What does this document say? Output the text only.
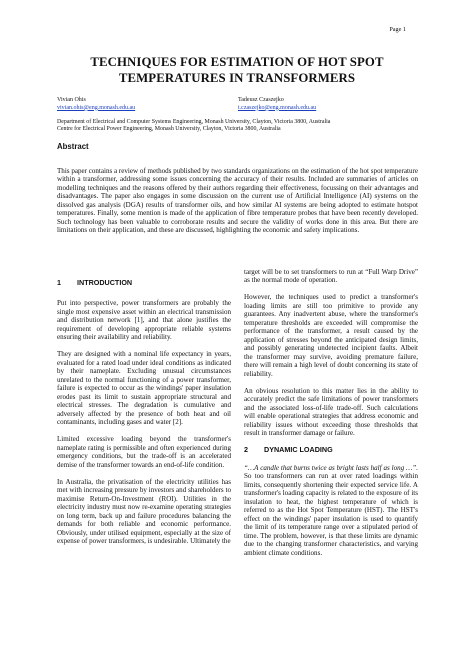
Page 1
TECHNIQUES FOR ESTIMATION OF HOT SPOT
TEMPERATURES IN TRANSFORMERS
Vivian Ohis
vivian.ohis@eng.monash.edu.au
Tadeusz Czaszejko
t.czaszejko@eng.monash.edu.au
Department of Electrical and Computer Systems Engineering, Monash University, Clayton, Victoria 3800, Australia
Centre for Electrical Power Engineering, Monash University, Clayton, Victoria 3800, Australia
Abstract
This paper contains a review of methods published by two standards organizations on the estimation of the hot spot temperature within a transformer, addressing some issues concerning the accuracy of their results. Included are summaries of articles on modelling techniques and the reasons offered by their authors regarding their effectiveness, focussing on their advantages and disadvantages. The paper also engages in some discussion on the current use of Artificial Intelligence (AI) systems on the dissolved gas analysis (DGA) results of transformer oils, and how similar AI systems are being adopted to estimate hotspot temperatures. Finally, some mention is made of the application of fibre temperature probes that have been recently developed. Such technology has been valuable to corroborate results and secure the validity of works done in this area. But there are limitations on their application, and these are discussed, highlighting the economic and safety implications.
1 INTRODUCTION

Put into perspective, power transformers are probably the single most expensive asset within an electrical transmission and distribution network [1], and that alone justifies the requirement of developing appropriate reliable systems ensuring their availability and reliability.

They are designed with a nominal life expectancy in years, evaluated for a rated load under ideal conditions as indicated by their nameplate. Excluding unusual circumstances unrelated to the normal functioning of a power transformer, failure is expected to occur as the windings' paper insulation erodes past its limit to sustain appropriate structural and electrical stresses. The degradation is cumulative and adversely affected by the presence of both heat and oil contaminants, including gases and water [2].

Limited excessive loading beyond the transformer's nameplate rating is permissible and often experienced during emergency conditions, but the trade-off is an accelerated demise of the transformer towards an end-of-life condition.

In Australia, the privatisation of the electricity utilities has met with increasing pressure by investors and shareholders to maximise Return-On-Investment (ROI). Utilities in the electricity industry must now re-examine operating strategies on long term, back up and failure procedures balancing the demands for both reliable and economic performance. Obviously, under utilised equipment, especially at the size of expense of power transformers, is undesirable. Ultimately the

target will be to set transformers to run at “Full Warp Drive” as the normal mode of operation.

However, the techniques used to predict a transformer's loading limits are still too primitive to provide any guarantees. Any inadvertent abuse, where the transformer's temperature thresholds are exceeded will compromise the performance of the transformer, a result caused by the application of stresses beyond the anticipated design limits, and possibly generating undetected incipient faults. Albeit the transformer may survive, avoiding premature failure, there will remain a high level of doubt concerning its state of reliability.

An obvious resolution to this matter lies in the ability to accurately predict the safe limitations of power transformers and the associated loss-of-life trade-off. Such calculations will enable operational strategies that address economic and reliability issues without exceeding those thresholds that result in transformer damage or failure.

2 DYNAMIC LOADING

“…A candle that burns twice as bright lasts half as long …”. So too transformers can run at over rated loadings within limits, consequently shortening their expected service life. A transformer's loading capacity is related to the exposure of its insulation to heat, the highest temperature of which is referred to as the Hot Spot Temperature (HST). The HST's effect on the windings' paper insulation is used to quantify the limit of its temperature range over a stipulated period of time. The problem, however, is that these limits are dynamic due to the changing transformer characteristics, and varying ambient climate conditions.
